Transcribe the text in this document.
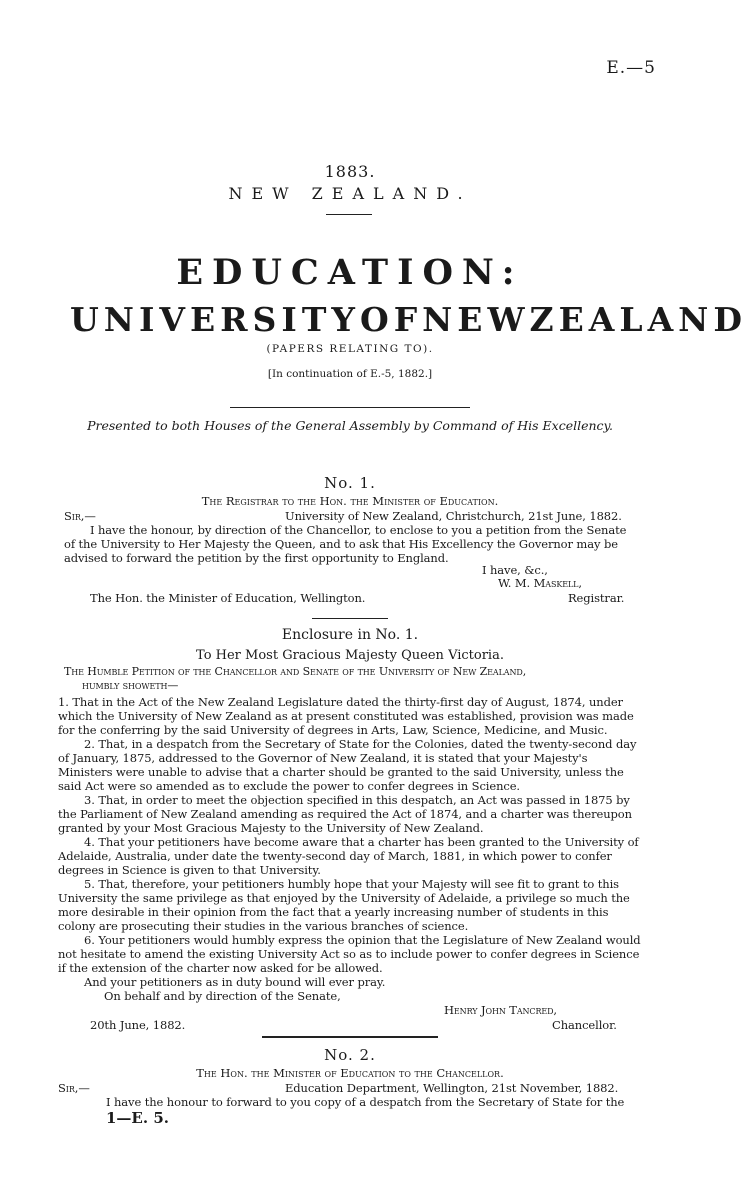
E.—5
1883.
NEW ZEALAND.
EDUCATION:
UNIVERSITY OF NEW ZEALAND
(PAPERS RELATING TO).
[In continuation of E.-5, 1882.]
Presented to both Houses of the General Assembly by Command of His Excellency.
No. 1.
The Registrar to the Hon. the Minister of Education.
Sir,—	University of New Zealand, Christchurch, 21st June, 1882.
I have the honour, by direction of the Chancellor, to enclose to you a petition from the Senate
of the University to Her Majesty the Queen, and to ask that His Excellency the Governor may be
advised to forward the petition by the first opportunity to England.
I have, &c.,
W. M. Maskell,
The Hon. the Minister of Education, Wellington.	Registrar.
Enclosure in No. 1.
To Her Most Gracious Majesty Queen Victoria.
The Humble Petition of the Chancellor and Senate of the University of New Zealand,
humbly showeth—
1. That in the Act of the New Zealand Legislature dated the thirty-first day of August, 1874, under
which the University of New Zealand as at present constituted was established, provision was made
for the conferring by the said University of degrees in Arts, Law, Science, Medicine, and Music.
2. That, in a despatch from the Secretary of State for the Colonies, dated the twenty-second day
of January, 1875, addressed to the Governor of New Zealand, it is stated that your Majesty's
Ministers were unable to advise that a charter should be granted to the said University, unless the
said Act were so amended as to exclude the power to confer degrees in Science.
3. That, in order to meet the objection specified in this despatch, an Act was passed in 1875 by
the Parliament of New Zealand amending as required the Act of 1874, and a charter was thereupon
granted by your Most Gracious Majesty to the University of New Zealand.
4. That your petitioners have become aware that a charter has been granted to the University of
Adelaide, Australia, under date the twenty-second day of March, 1881, in which power to confer
degrees in Science is given to that University.
5. That, therefore, your petitioners humbly hope that your Majesty will see fit to grant to this
University the same privilege as that enjoyed by the University of Adelaide, a privilege so much the
more desirable in their opinion from the fact that a yearly increasing number of students in this
colony are prosecuting their studies in the various branches of science.
6. Your petitioners would humbly express the opinion that the Legislature of New Zealand would
not hesitate to amend the existing University Act so as to include power to confer degrees in Science
if the extension of the charter now asked for be allowed.
And your petitioners as in duty bound will ever pray.
On behalf and by direction of the Senate,
Henry John Tancred,
20th June, 1882.	Chancellor.
No. 2.
The Hon. the Minister of Education to the Chancellor.
Sir,—	Education Department, Wellington, 21st November, 1882.
I have the honour to forward to you copy of a despatch from the Secretary of State for the
1—E. 5.
